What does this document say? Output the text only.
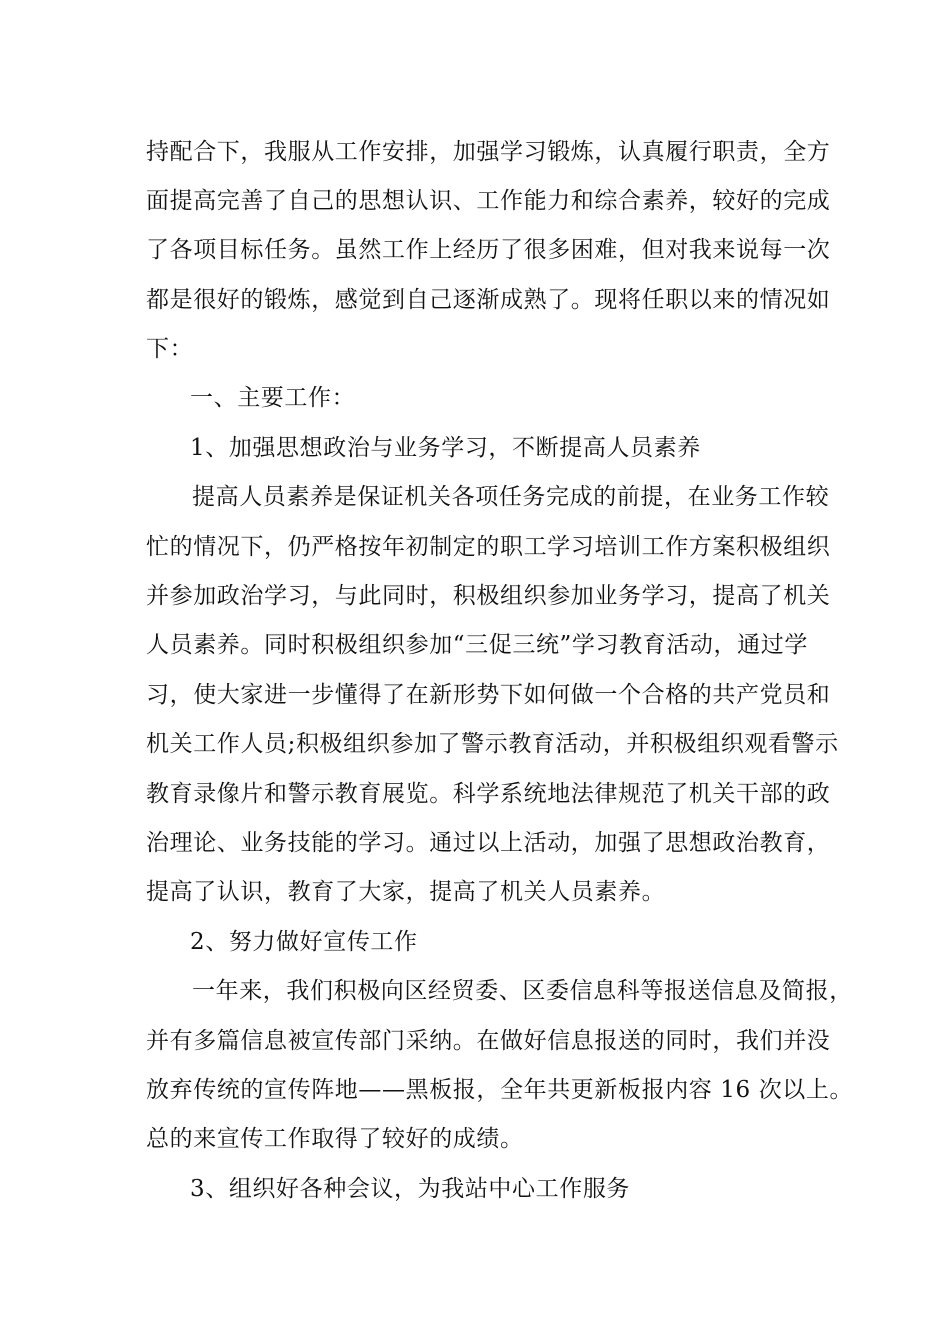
持配合下，我服从工作安排，加强学习锻炼，认真履行职责，全方
面提高完善了自己的思想认识、工作能力和综合素养，较好的完成
了各项目标任务。虽然工作上经历了很多困难，但对我来说每一次
都是很好的锻炼，感觉到自己逐渐成熟了。现将任职以来的情况如
下：
一、主要工作：
1、加强思想政治与业务学习，不断提高人员素养
提高人员素养是保证机关各项任务完成的前提，在业务工作较
忙的情况下，仍严格按年初制定的职工学习培训工作方案积极组织
并参加政治学习，与此同时，积极组织参加业务学习，提高了机关
人员素养。同时积极组织参加“三促三统”学习教育活动，通过学
习，使大家进一步懂得了在新形势下如何做一个合格的共产党员和
机关工作人员;积极组织参加了警示教育活动，并积极组织观看警示
教育录像片和警示教育展览。科学系统地法律规范了机关干部的政
治理论、业务技能的学习。通过以上活动，加强了思想政治教育，
提高了认识，教育了大家，提高了机关人员素养。
2、努力做好宣传工作
一年来，我们积极向区经贸委、区委信息科等报送信息及简报，
并有多篇信息被宣传部门采纳。在做好信息报送的同时，我们并没
放弃传统的宣传阵地——黑板报，全年共更新板报内容 16 次以上。
总的来宣传工作取得了较好的成绩。
3、组织好各种会议，为我站中心工作服务
